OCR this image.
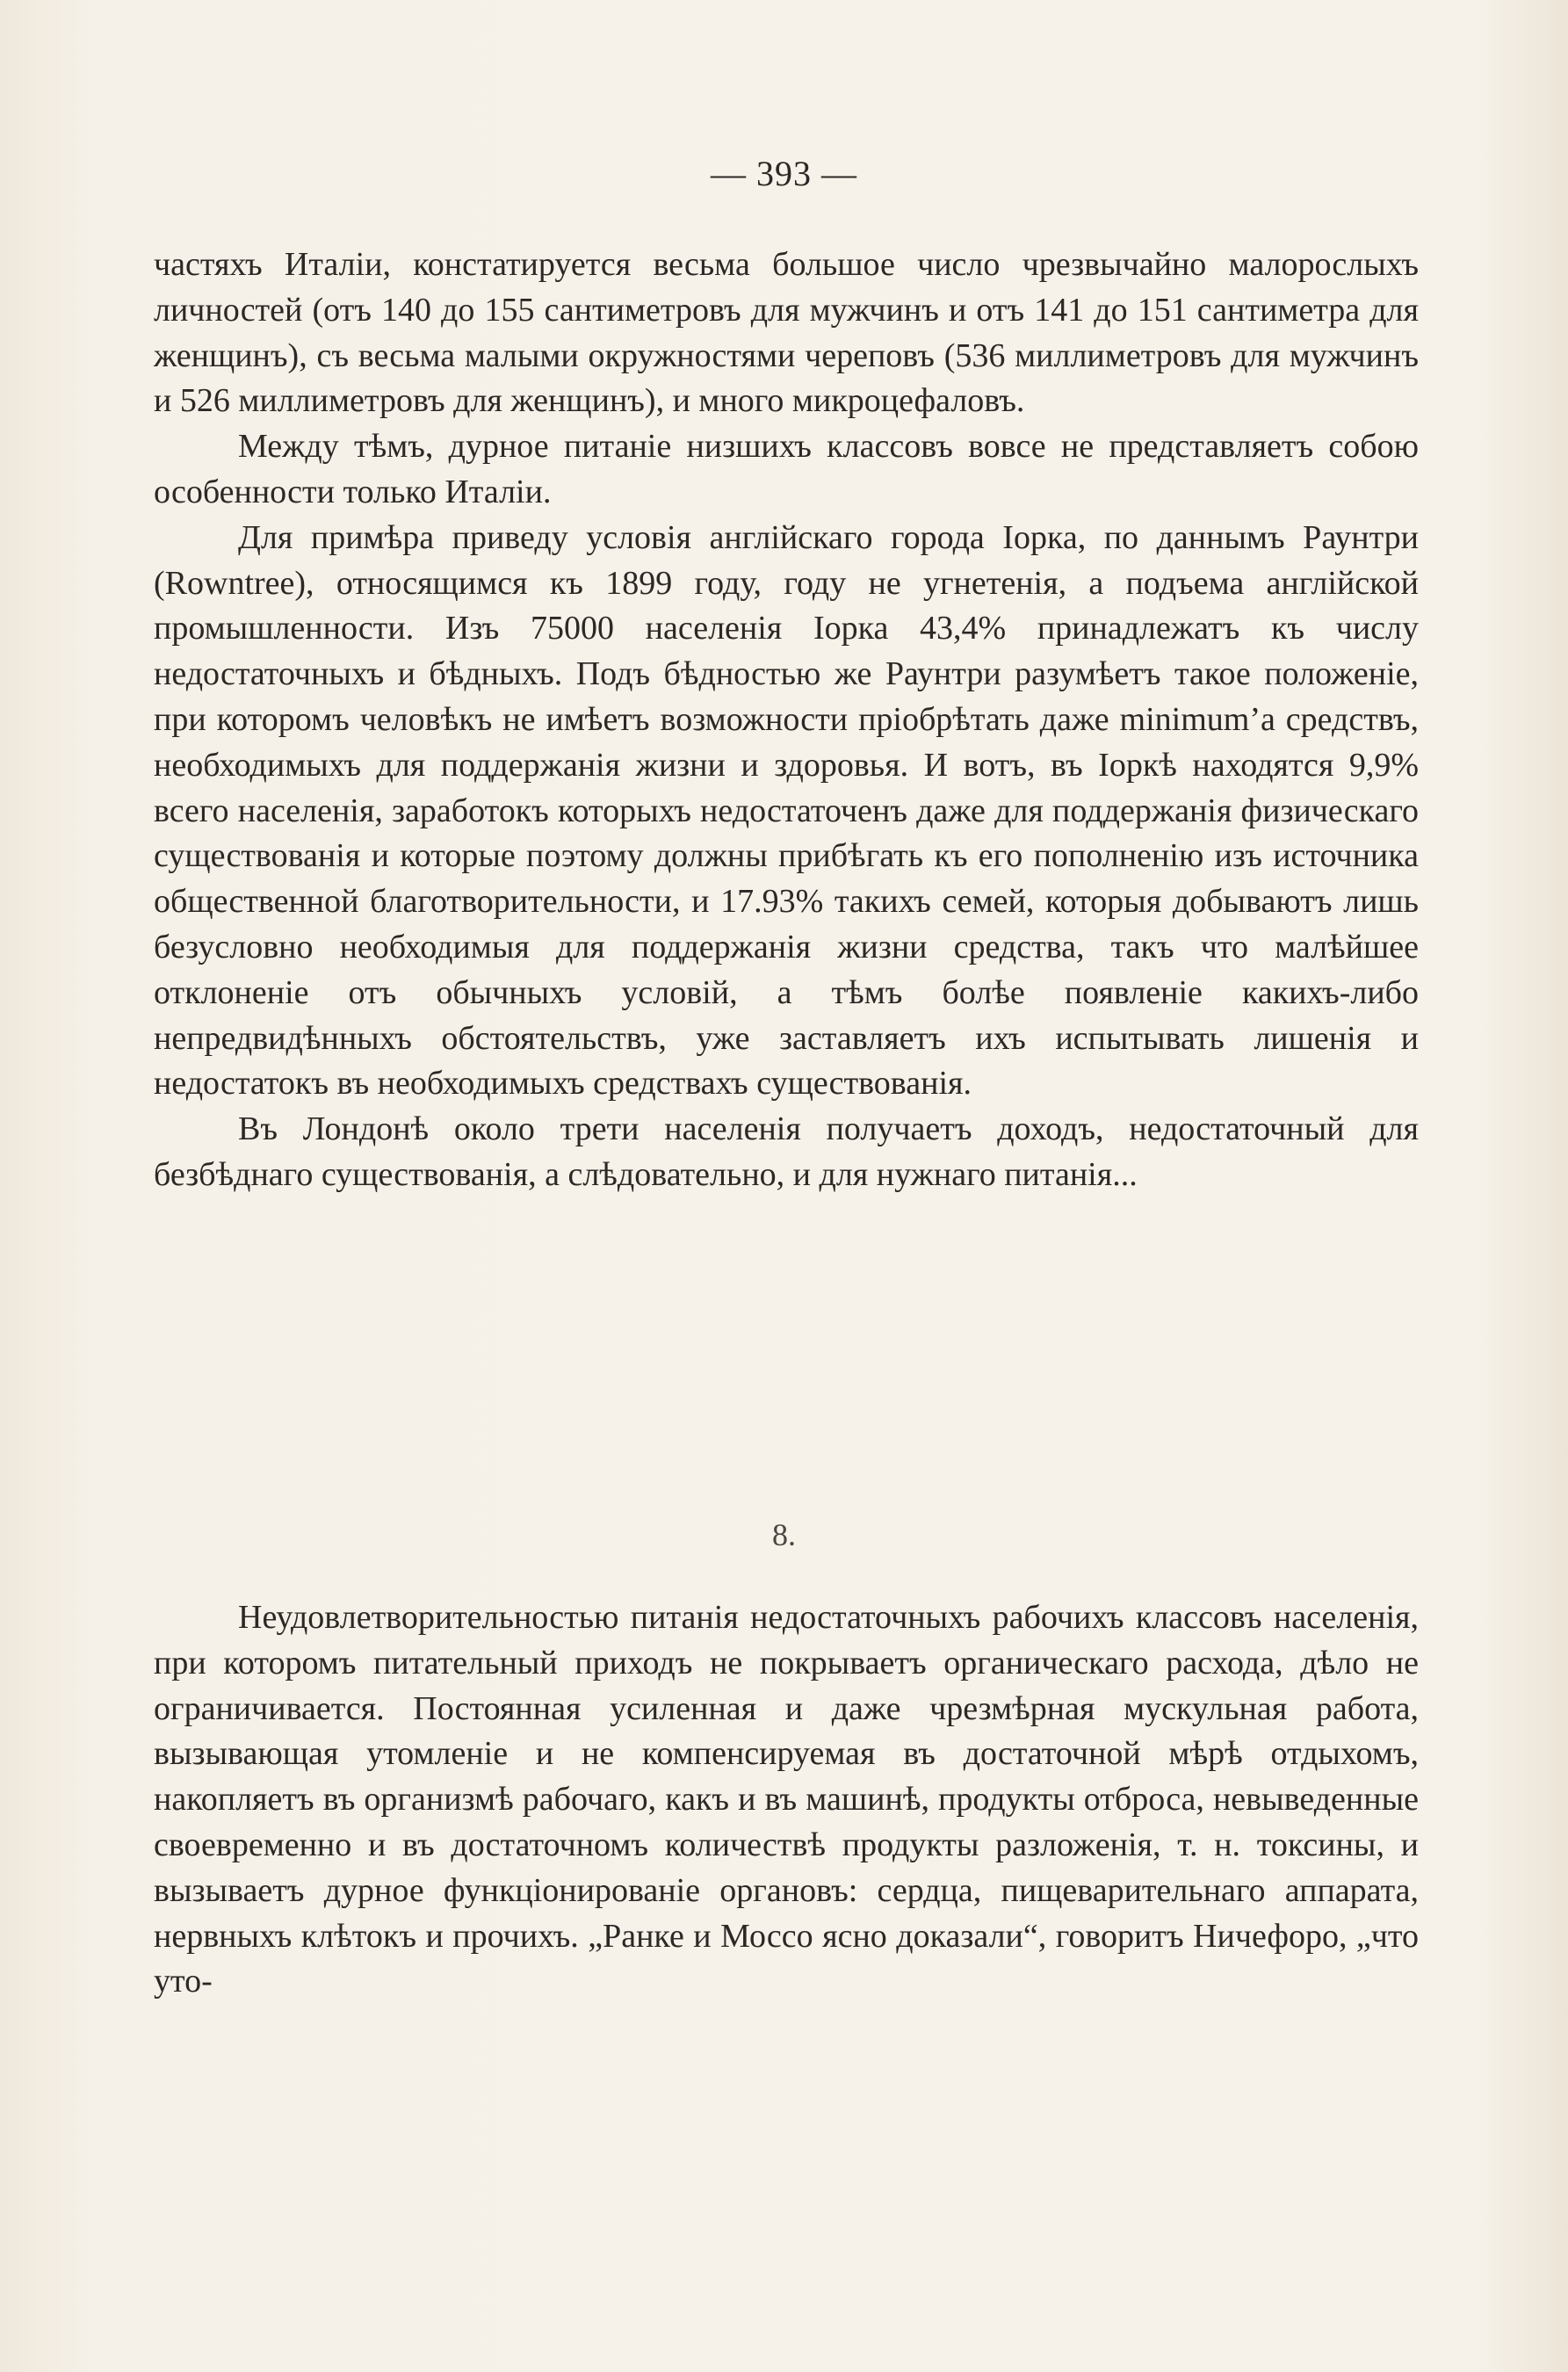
— 393 —

частяхъ Италіи, констатируется весьма большое число чрезвычайно малорослыхъ личностей (отъ 140 до 155 сантиметровъ для мужчинъ и отъ 141 до 151 сантиметра для женщинъ), съ весьма малыми окружностями череповъ (536 миллиметровъ для мужчинъ и 526 миллиметровъ для женщинъ), и много микроцефаловъ.

Между тѣмъ, дурное питаніе низшихъ классовъ вовсе не представляетъ собою особенности только Италіи.

Для примѣра приведу условія англійскаго города Іорка, по даннымъ Раунтри (Rowntree), относящимся къ 1899 году, году не угнетенія, а подъема англійской промышленности. Изъ 75000 населенія Іорка 43,4% принадлежатъ къ числу недостаточныхъ и бѣдныхъ. Подъ бѣдностью же Раунтри разумѣетъ такое положеніе, при которомъ человѣкъ не имѣетъ возможности пріобрѣтать даже minimum’а средствъ, необходимыхъ для поддержанія жизни и здоровья. И вотъ, въ Іоркѣ находятся 9,9% всего населенія, заработокъ которыхъ недостаточенъ даже для поддержанія физическаго существованія и которые поэтому должны прибѣгать къ его пополненію изъ источника общественной благотворительности, и 17.93% такихъ семей, которыя добываютъ лишь безусловно необходимыя для поддержанія жизни средства, такъ что малѣйшее отклоненіе отъ обычныхъ условій, а тѣмъ болѣе появленіе какихъ-либо непредвидѣнныхъ обстоятельствъ, уже заставляетъ ихъ испытывать лишенія и недостатокъ въ необходимыхъ средствахъ существованія.

Въ Лондонѣ около трети населенія получаетъ доходъ, недостаточный для безбѣднаго существованія, а слѣдовательно, и для нужнаго питанія...

8.

Неудовлетворительностью питанія недостаточныхъ рабочихъ классовъ населенія, при которомъ питательный приходъ не покрываетъ органическаго расхода, дѣло не ограничивается. Постоянная усиленная и даже чрезмѣрная мускульная работа, вызывающая утомленіе и не компенсируемая въ достаточной мѣрѣ отдыхомъ, накопляетъ въ организмѣ рабочаго, какъ и въ машинѣ, продукты отброса, невыведенные своевременно и въ достаточномъ количествѣ продукты разложенія, т. н. токсины, и вызываетъ дурное функціонированіе органовъ: сердца, пищеварительнаго аппарата, нервныхъ клѣтокъ и прочихъ. „Ранке и Моссо ясно доказали“, говоритъ Ничефоро, „что уто-
